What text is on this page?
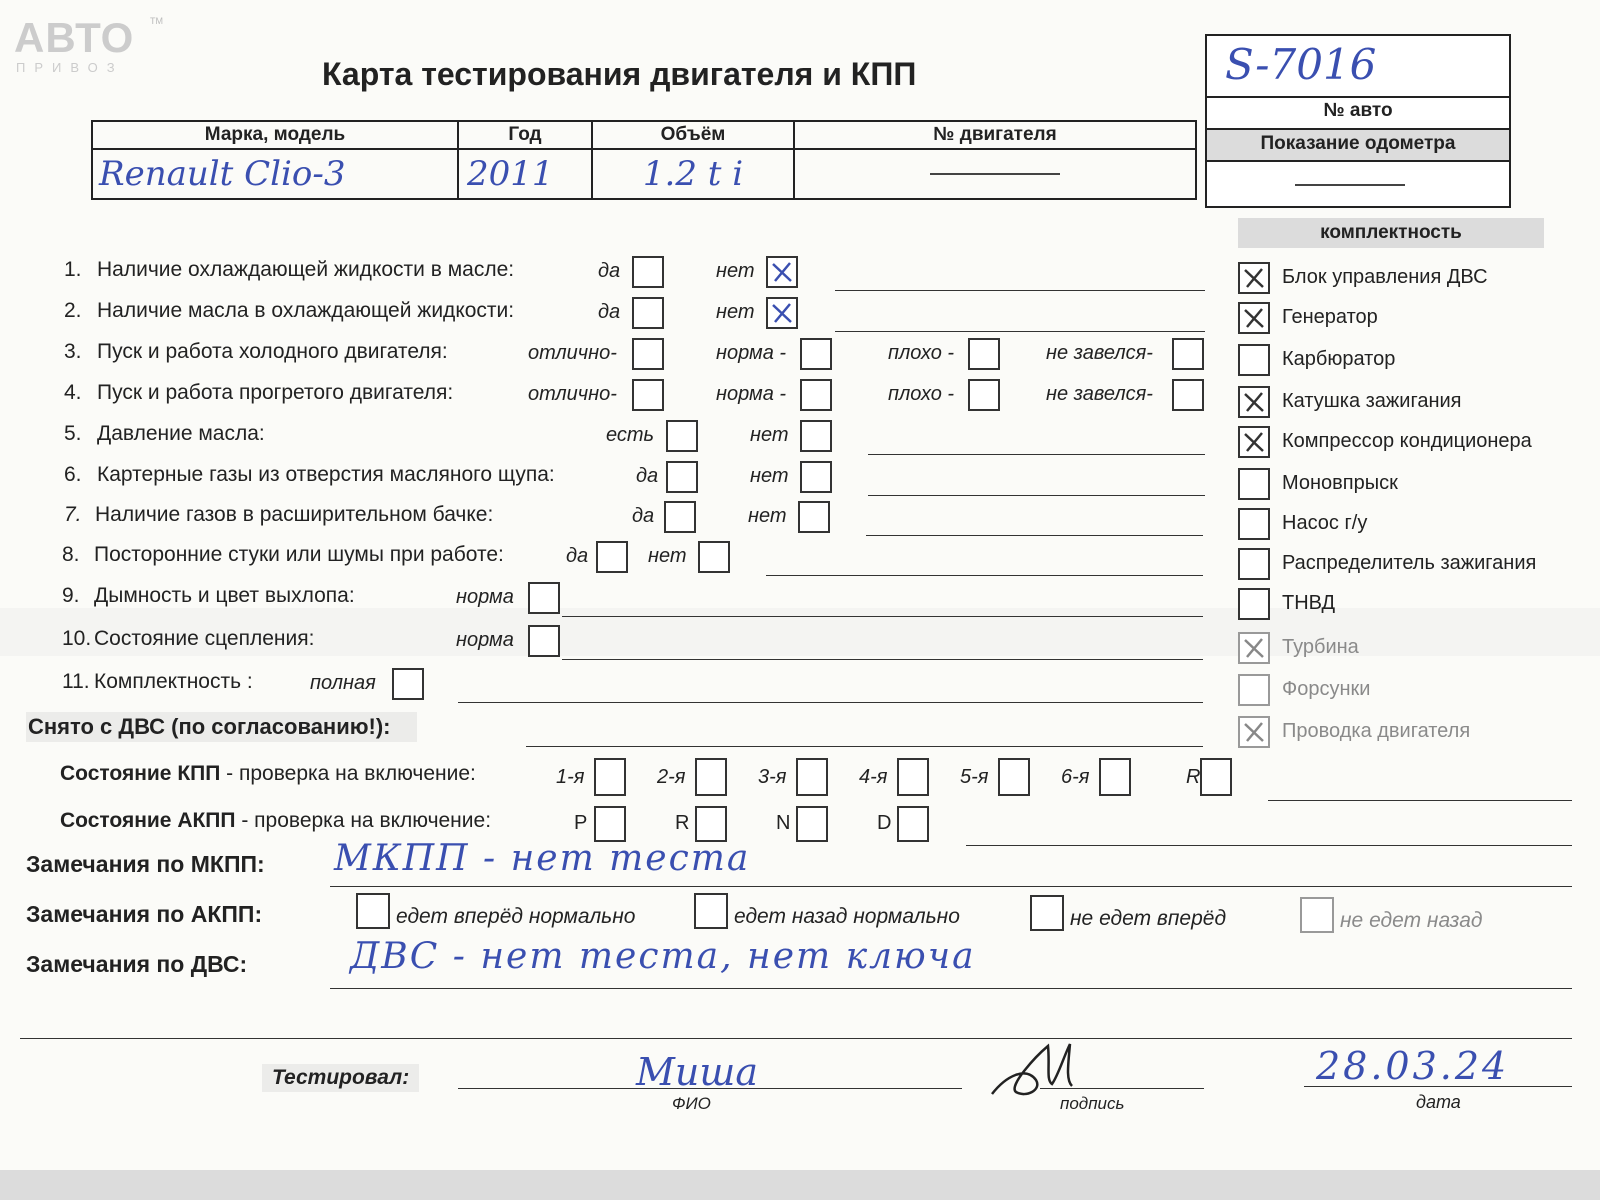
АВТО
ПРИВОЗ
TM
Карта тестирования двигателя и КПП
Марка, модель	Год	Объём	№ двигателя
Renault Clio-3	2011	1.2 t i	
S-7016
№ авто
Показание одометра
комплектность
1. Наличие охлаждающей жидкости в масле:	да	нет
2. Наличие масла в охлаждающей жидкости:	да	нет
3. Пуск и работа холодного двигателя:	отлично-	норма -	плохо -	не завелся-
4. Пуск и работа прогретого двигателя:	отлично-	норма -	плохо -	не завелся-
5. Давление масла:	есть	нет
6. Картерные газы из отверстия масляного щупа:	да	нет
7. Наличие газов в расширительном бачке:	да	нет
8. Посторонние стуки или шумы при работе:	да	нет
9. Дымность и цвет выхлопа:	норма
10. Состояние сцепления:	норма
11. Комплектность :	полная
Снято с ДВС (по согласованию!):
Блок управления ДВС
Генератор
Карбюратор
Катушка зажигания
Компрессор кондиционера
Моновпрыск
Насос г/у
Распределитель зажигания
ТНВД
Турбина
Форсунки
Проводка двигателя
Состояние КПП - проверка на включение:	1-я	2-я	3-я	4-я	5-я	6-я	R
Состояние АКПП - проверка на включение:	P	R	N	D
Замечания по МКПП: МКПП - нет теста
Замечания по АКПП:	едет вперёд нормально	едет назад нормально	не едет вперёд	не едет назад
Замечания по ДВС:	ДВС - нет теста, нет ключа
Тестировал:	Миша
ФИО	подпись
28.03.24
дата
